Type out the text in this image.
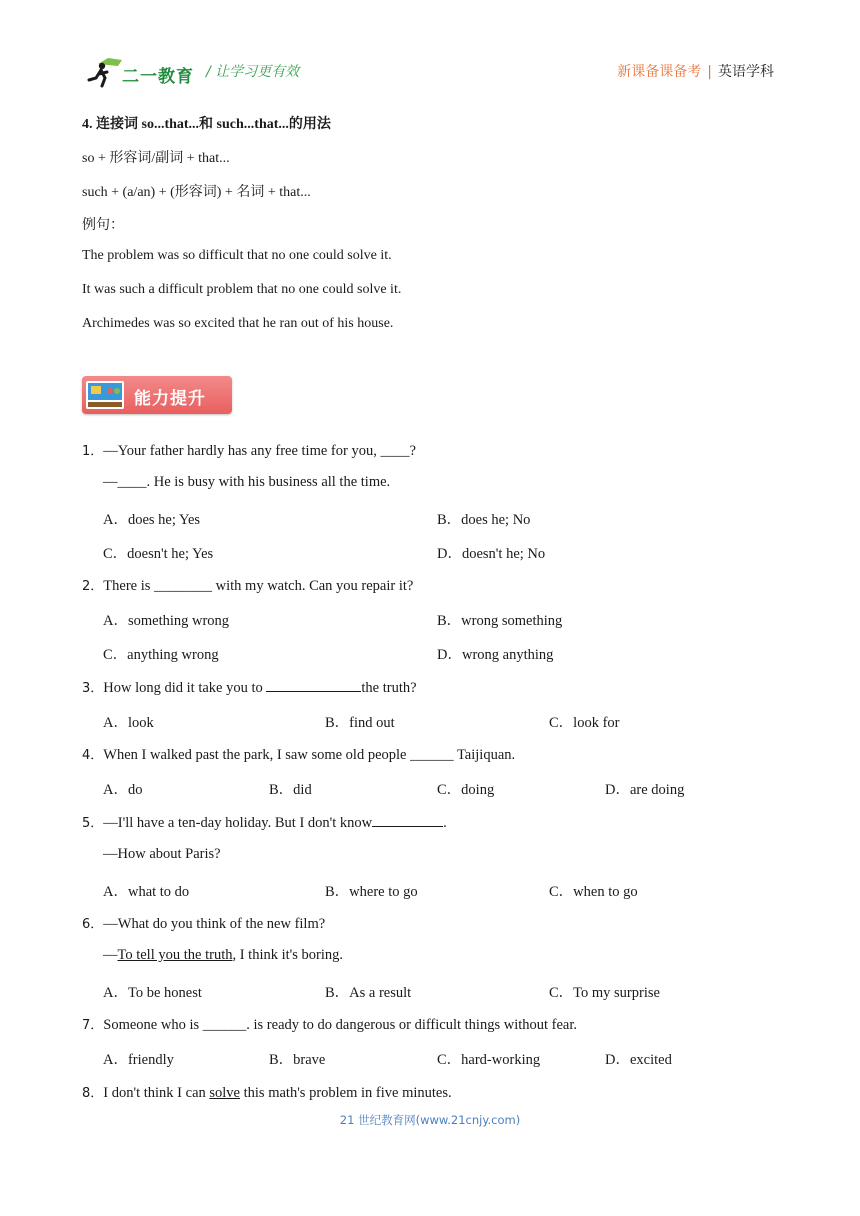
二一教育 / 让学习更有效	新课备课备考 | 英语学科
4. 连接词 so...that...和 such...that...的用法
so + 形容词/副词 + that...
such + (a/an) + (形容词) + 名词 + that...
例句：
The problem was so difficult that no one could solve it.
It was such a difficult problem that no one could solve it.
Archimedes was so excited that he ran out of his house.
能力提升
1．—Your father hardly has any free time for you, ____?
—____. He is busy with his business all the time.
A．does he; Yes	B．does he; No
C．doesn't he; Yes	D．doesn't he; No
2．There is ________ with my watch. Can you repair it?
A．something wrong	B．wrong something
C．anything wrong	D．wrong anything
3．How long did it take you to	the truth?
A．look	B．find out	C．look for
4．When I walked past the park, I saw some old people ______ Taijiquan.
A．do	B．did	C．doing	D．are doing
5．—I'll have a ten-day holiday. But I don't know	.
—How about Paris?
A．what to do	B．where to go	C．when to go
6．—What do you think of the new film?
—To tell you the truth, I think it's boring.
A．To be honest	B．As a result	C．To my surprise
7．Someone who is ______. is ready to do dangerous or difficult things without fear.
A．friendly	B．brave	C．hard-working	D．excited
8．I don't think I can solve this math's problem in five minutes.
21 世纪教育网(www.21cnjy.com)
